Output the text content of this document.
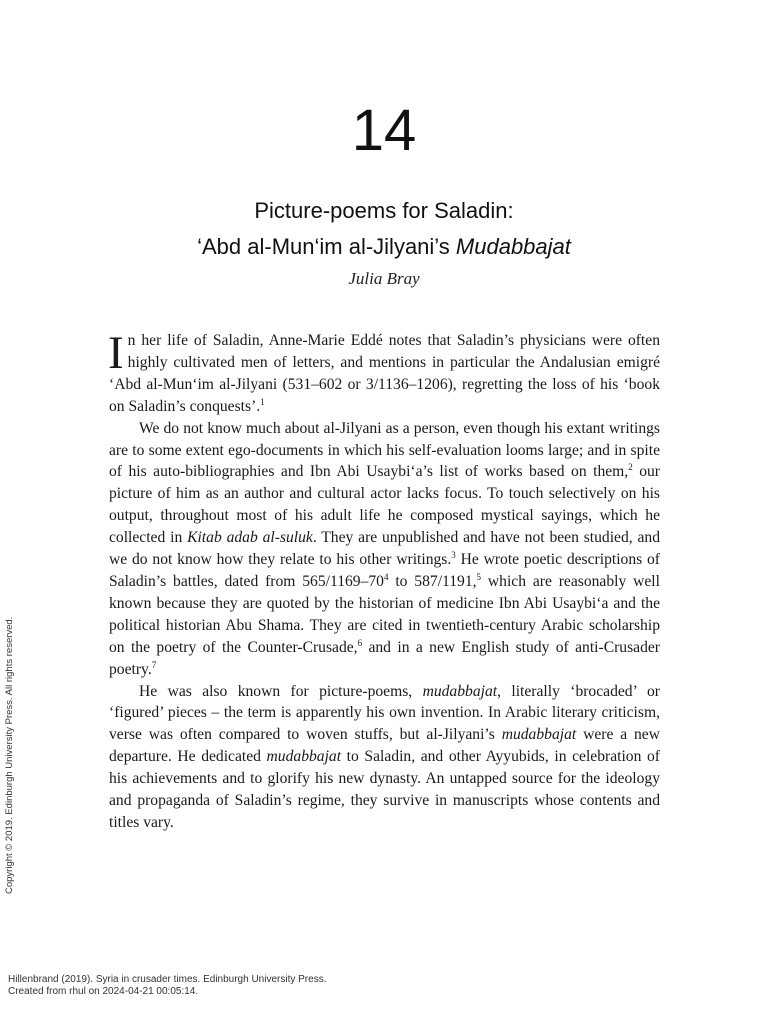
14
Picture-poems for Saladin:
‘Abd al-Mun‘im al-Jilyani’s Mudabbajat
Julia Bray

In her life of Saladin, Anne-Marie Eddé notes that Saladin’s physicians were often highly cultivated men of letters, and mentions in particular the Andalusian emigré ‘Abd al-Mun‘im al-Jilyani (531–602 or 3/1136–1206), regretting the loss of his ‘book on Saladin’s conquests’.$^1$

We do not know much about al-Jilyani as a person, even though his extant writings are to some extent ego-documents in which his self-evaluation looms large; and in spite of his auto-bibliographies and Ibn Abi Usaybi‘a’s list of works based on them,$^2$ our picture of him as an author and cultural actor lacks focus. To touch selectively on his output, throughout most of his adult life he composed mystical sayings, which he collected in Kitab adab al-suluk. They are unpublished and have not been studied, and we do not know how they relate to his other writings.$^3$ He wrote poetic descriptions of Saladin’s battles, dated from $565/1169-70^4$ to 587/1191,$^5$ which are reasonably well known because they are quoted by the historian of medicine Ibn Abi Usaybi‘a and the political historian Abu Shama. They are cited in twentieth-century Arabic scholarship on the poetry of the Counter-Crusade,$^6$ and in a new English study of anti-Crusader poetry.$^7$

He was also known for picture-poems, mudabbajat, literally ‘brocaded’ or ‘figured’ pieces – the term is apparently his own invention. In Arabic literary criticism, verse was often compared to woven stuffs, but al-Jilyani’s mudabbajat were a new departure. He dedicated mudabbajat to Saladin, and other Ayyubids, in celebration of his achievements and to glorify his new dynasty. An untapped source for the ideology and propaganda of Saladin’s regime, they survive in manuscripts whose contents and titles vary.

Copyright © 2019. Edinburgh University Press. All rights reserved.
Hillenbrand (2019). Syria in crusader times. Edinburgh University Press.
Created from rhul on 2024-04-21 00:05:14.
